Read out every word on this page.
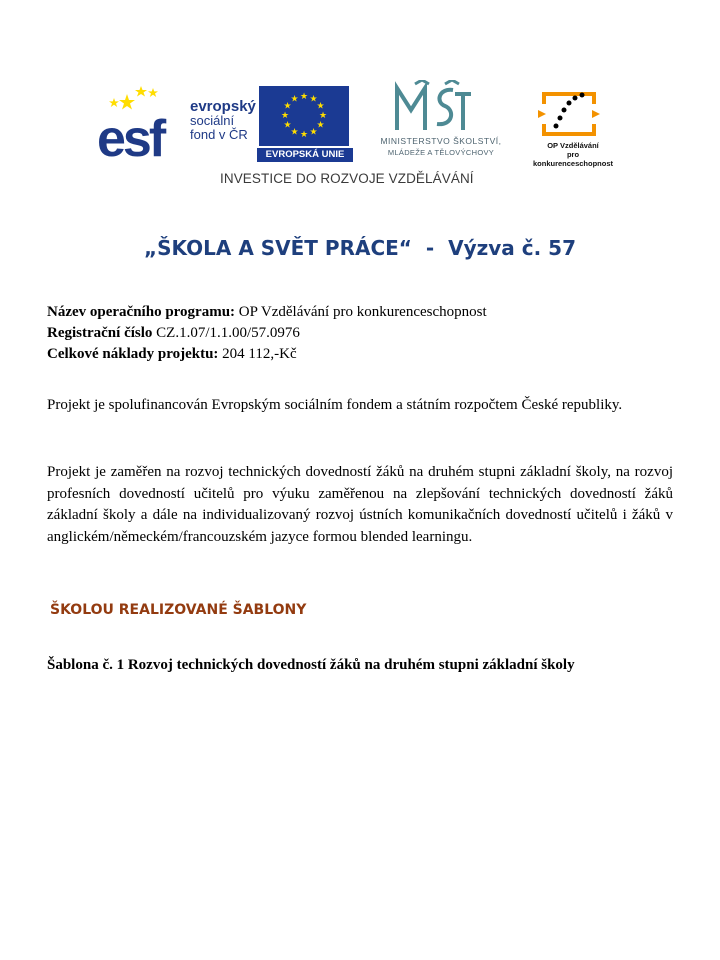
esf
evropský
sociální
fond v ČR
★ ★
★
★
★
★
★
★
★
★
★
★
EVROPSKÁ UNIE
MINISTERSTVO ŠKOLSTVÍ,
MLÁDEŽE A TĚLOVÝCHOVY
OP Vzdělávání
pro konkurenceschopnost
INVESTICE DO ROZVOJE VZDĚLÁVÁNÍ
„ŠKOLA A SVĚT PRÁCE“  -  Výzva č. 57
Název operačního programu: OP Vzdělávání pro konkurenceschopnost
Registrační číslo CZ.1.07/1.1.00/57.0976
Celkové náklady projektu: 204 112,-Kč
Projekt je spolufinancován Evropským sociálním fondem a státním rozpočtem České republiky.
Projekt je zaměřen na rozvoj technických dovedností žáků na druhém stupni základní školy, na rozvoj profesních dovedností učitelů pro výuku zaměřenou na zlepšování technických dovedností žáků základní školy a dále na individualizovaný rozvoj ústních komunikačních dovedností učitelů i žáků v anglickém/německém/francouzském jazyce formou blended learningu.
ŠKOLOU REALIZOVANÉ ŠABLONY
Šablona č. 1 Rozvoj technických dovedností žáků na druhém stupni základní školy
